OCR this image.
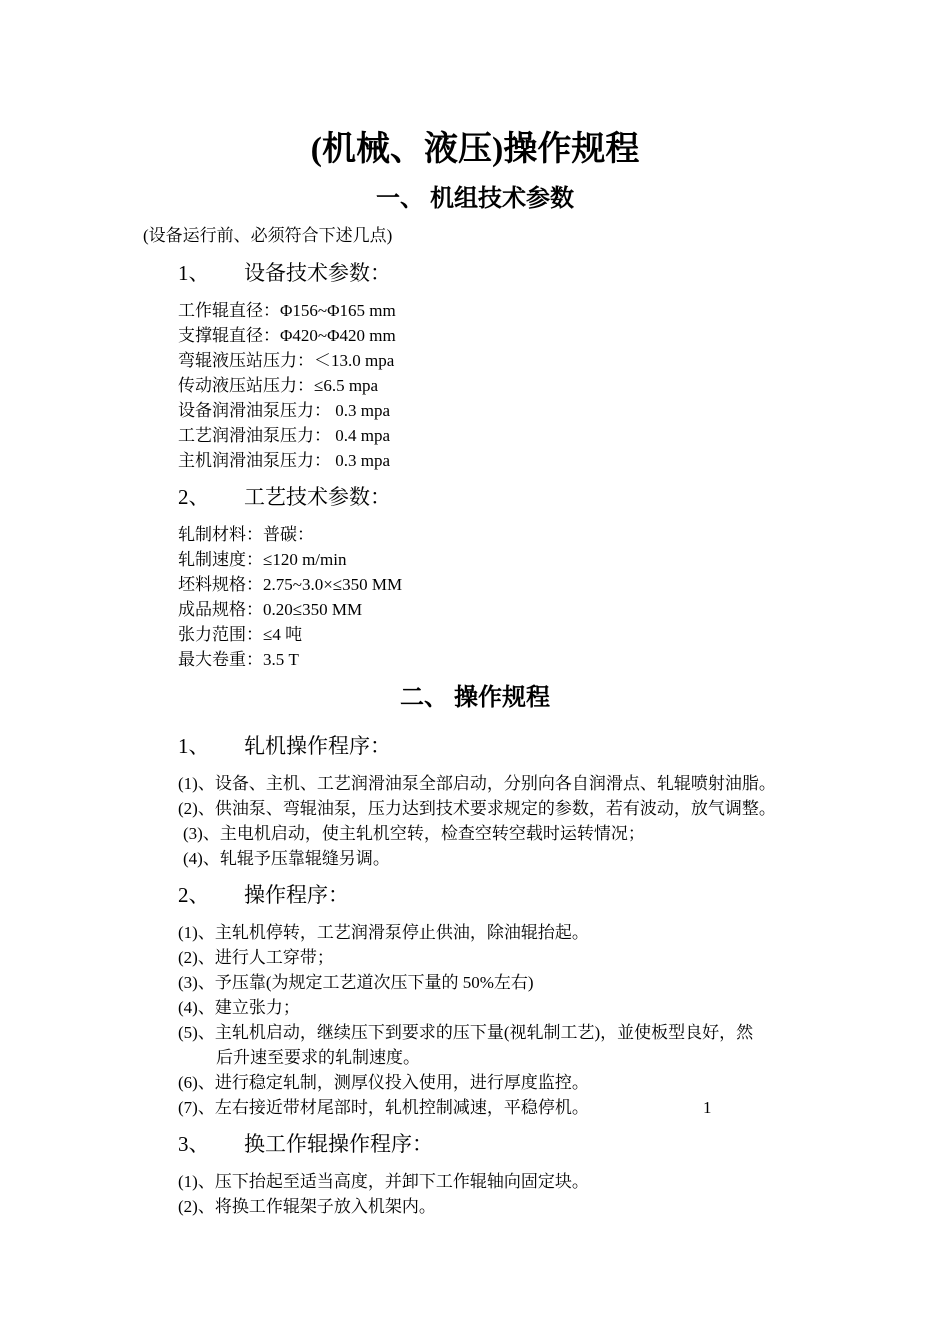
(机械、液压)操作规程
一、 机组技术参数
(设备运行前、必须符合下述几点)
1、 设备技术参数：
工作辊直径：Φ156~Φ165 mm
支撑辊直径：Φ420~Φ420 mm
弯辊液压站压力：＜13.0 mpa
传动液压站压力：≤6.5 mpa
设备润滑油泵压力： 0.3 mpa
工艺润滑油泵压力： 0.4 mpa
主机润滑油泵压力： 0.3 mpa
2、 工艺技术参数：
轧制材料：普碳：
轧制速度：≤120 m/min
坯料规格：2.75~3.0×≤350 MM
成品规格：0.20≤350 MM
张力范围：≤4 吨
最大卷重：3.5 T
二、 操作规程
1、 轧机操作程序：
(1)、设备、主机、工艺润滑油泵全部启动，分别向各自润滑点、轧辊喷射油脂。
(2)、供油泵、弯辊油泵，压力达到技术要求规定的参数，若有波动，放气调整。
(3)、主电机启动，使主轧机空转，检查空转空载时运转情况；
(4)、轧辊予压靠辊缝另调。
2、 操作程序：
(1)、主轧机停转，工艺润滑泵停止供油，除油辊抬起。
(2)、进行人工穿带；
(3)、予压靠(为规定工艺道次压下量的 50%左右)
(4)、建立张力；
(5)、主轧机启动，继续压下到要求的压下量(视轧制工艺)，並使板型良好，然
后升速至要求的轧制速度。
(6)、进行稳定轧制，测厚仪投入使用，进行厚度监控。
(7)、左右接近带材尾部时，轧机控制减速，平稳停机。	1
3、 换工作辊操作程序：
(1)、压下抬起至适当高度，并卸下工作辊轴向固定块。
(2)、将换工作辊架子放入机架内。
